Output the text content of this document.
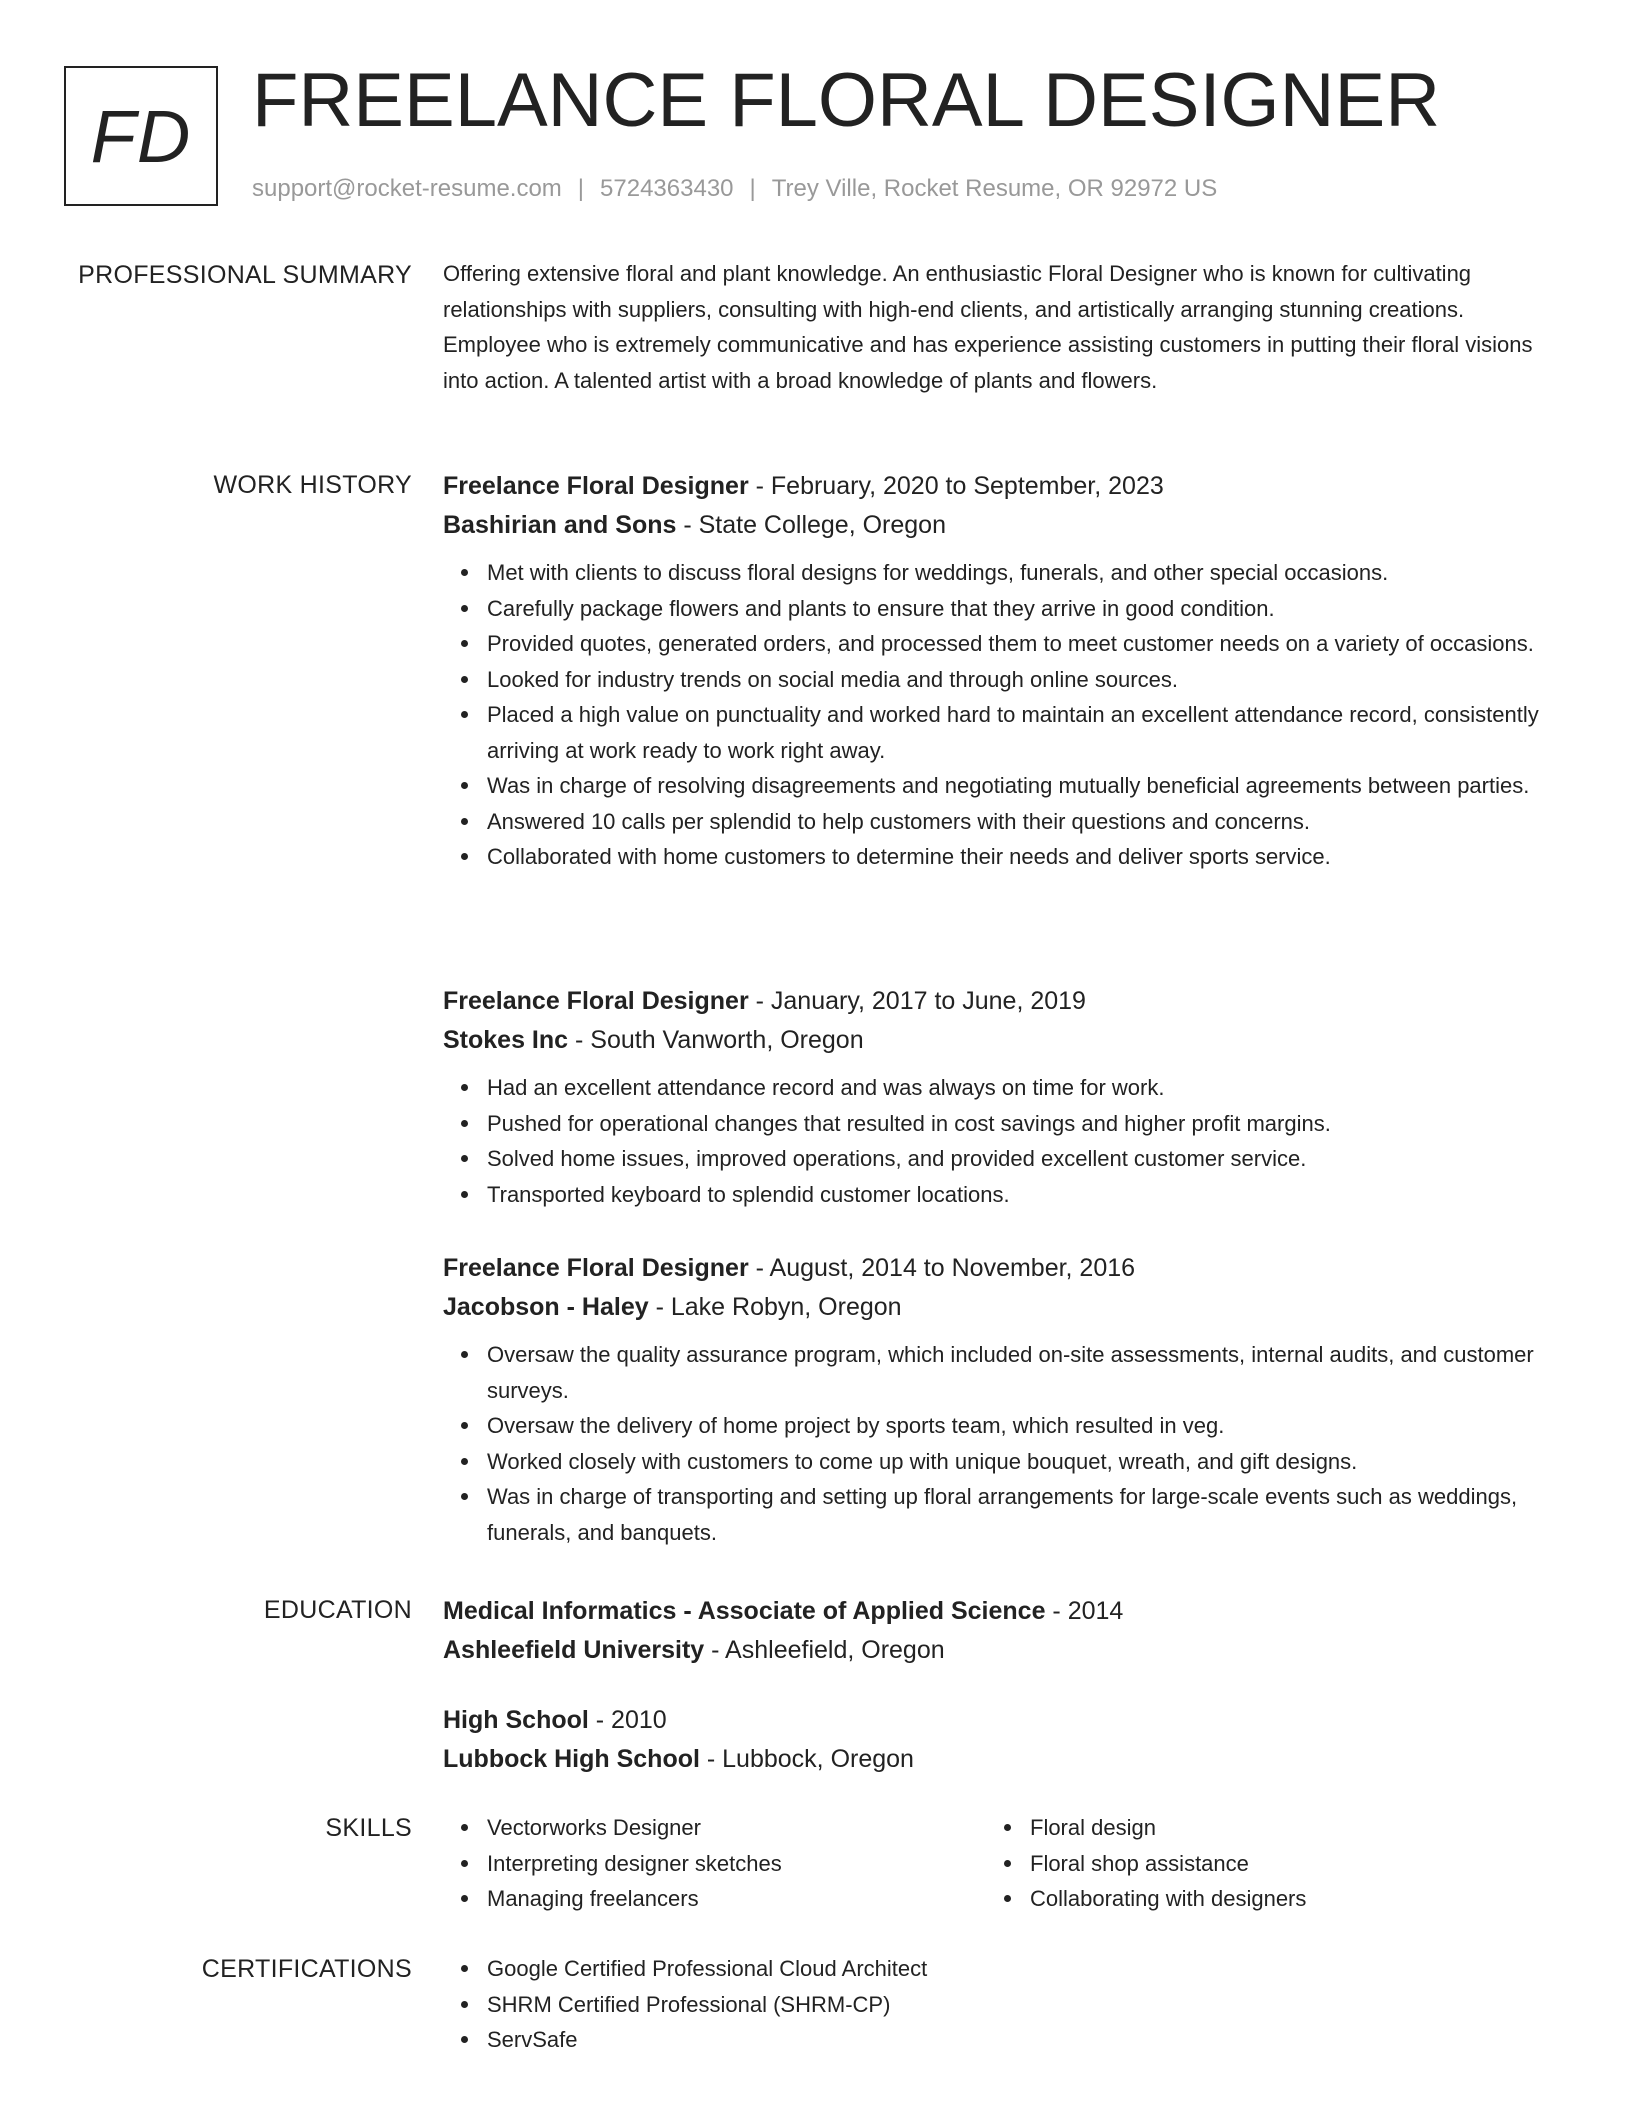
FD FREELANCE FLORAL DESIGNER
support@rocket-resume.com | 5724363430 | Trey Ville, Rocket Resume, OR 92972 US
PROFESSIONAL SUMMARY Offering extensive floral and plant knowledge. An enthusiastic Floral Designer who is known for cultivating relationships with suppliers, consulting with high-end clients, and artistically arranging stunning creations. Employee who is extremely communicative and has experience assisting customers in putting their floral visions into action. A talented artist with a broad knowledge of plants and flowers.

WORK HISTORY Freelance Floral Designer - February, 2020 to September, 2023
Bashirian and Sons - State College, Oregon
Met with clients to discuss floral designs for weddings, funerals, and other special occasions.
Carefully package flowers and plants to ensure that they arrive in good condition.
Provided quotes, generated orders, and processed them to meet customer needs on a variety of occasions.
Looked for industry trends on social media and through online sources.
Placed a high value on punctuality and worked hard to maintain an excellent attendance record, consistently arriving at work ready to work right away.
Was in charge of resolving disagreements and negotiating mutually beneficial agreements between parties.
Answered 10 calls per splendid to help customers with their questions and concerns.
Collaborated with home customers to determine their needs and deliver sports service.
Freelance Floral Designer - January, 2017 to June, 2019
Stokes Inc - South Vanworth, Oregon
Had an excellent attendance record and was always on time for work.
Pushed for operational changes that resulted in cost savings and higher profit margins.
Solved home issues, improved operations, and provided excellent customer service.
Transported keyboard to splendid customer locations.
Freelance Floral Designer - August, 2014 to November, 2016
Jacobson - Haley - Lake Robyn, Oregon
Oversaw the quality assurance program, which included on-site assessments, internal audits, and customer surveys.
Oversaw the delivery of home project by sports team, which resulted in veg.
Worked closely with customers to come up with unique bouquet, wreath, and gift designs.
Was in charge of transporting and setting up floral arrangements for large-scale events such as weddings, funerals, and banquets.
EDUCATION Medical Informatics - Associate of Applied Science - 2014
Ashleefield University - Ashleefield, Oregon
High School - 2010
Lubbock High School - Lubbock, Oregon
SKILLS	Vectorworks Designer
Interpreting designer sketches
Managing freelancers
Floral design
Floral shop assistance
Collaborating with designers
CERTIFICATIONS	Google Certified Professional Cloud Architect
SHRM Certified Professional (SHRM-CP)
ServSafe
